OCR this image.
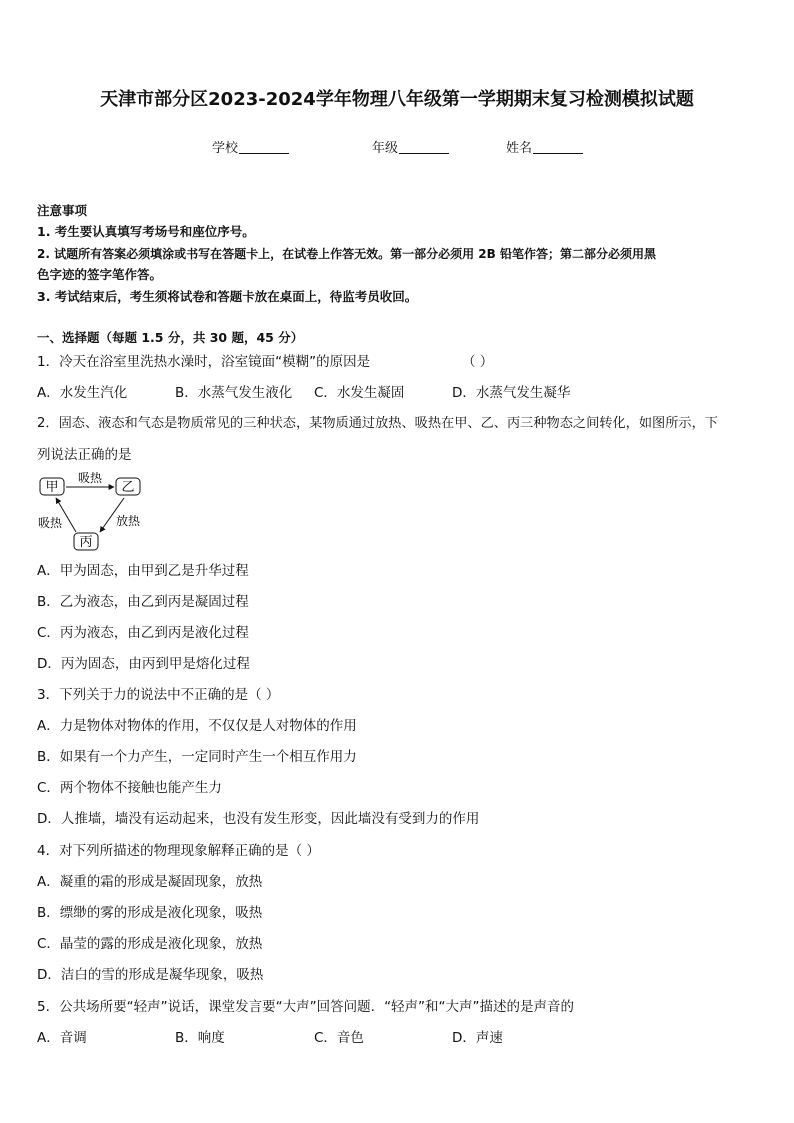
天津市部分区2023-2024学年物理八年级第一学期期末复习检测模拟试题
学校	年级	姓名
注意事项
1. 考生要认真填写考场号和座位序号。
2. 试题所有答案必须填涂或书写在答题卡上，在试卷上作答无效。第一部分必须用 2B 铅笔作答；第二部分必须用黑
色字迹的签字笔作答。
3. 考试结束后，考生须将试卷和答题卡放在桌面上，待监考员收回。
一、选择题（每题 1.5 分，共 30 题，45 分）
1．冷天在浴室里洗热水澡时，浴室镜面“模糊”的原因是	（ ）
A．水发生汽化	B．水蒸气发生液化 C．水发生凝固	D．水蒸气发生凝华
2．固态、液态和气态是物质常见的三种状态，某物质通过放热、吸热在甲、乙、丙三种物态之间转化，如图所示，下
列说法正确的是
甲	乙
丙
吸热
放热
吸热
A．甲为固态，由甲到乙是升华过程
B．乙为液态，由乙到丙是凝固过程
C．丙为液态，由乙到丙是液化过程
D．丙为固态，由丙到甲是熔化过程
3．下列关于力的说法中不正确的是（ ）
A．力是物体对物体的作用，不仅仅是人对物体的作用
B．如果有一个力产生，一定同时产生一个相互作用力
C．两个物体不接触也能产生力
D．人推墙，墙没有运动起来，也没有发生形变，因此墙没有受到力的作用
4．对下列所描述的物理现象解释正确的是（ ）
A．凝重的霜的形成是凝固现象，放热
B．缥缈的雾的形成是液化现象，吸热
C．晶莹的露的形成是液化现象，放热
D．洁白的雪的形成是凝华现象，吸热
5．公共场所要“轻声”说话，课堂发言要“大声”回答问题．“轻声”和“大声”描述的是声音的
A．音调	B．响度	C．音色	D．声速
